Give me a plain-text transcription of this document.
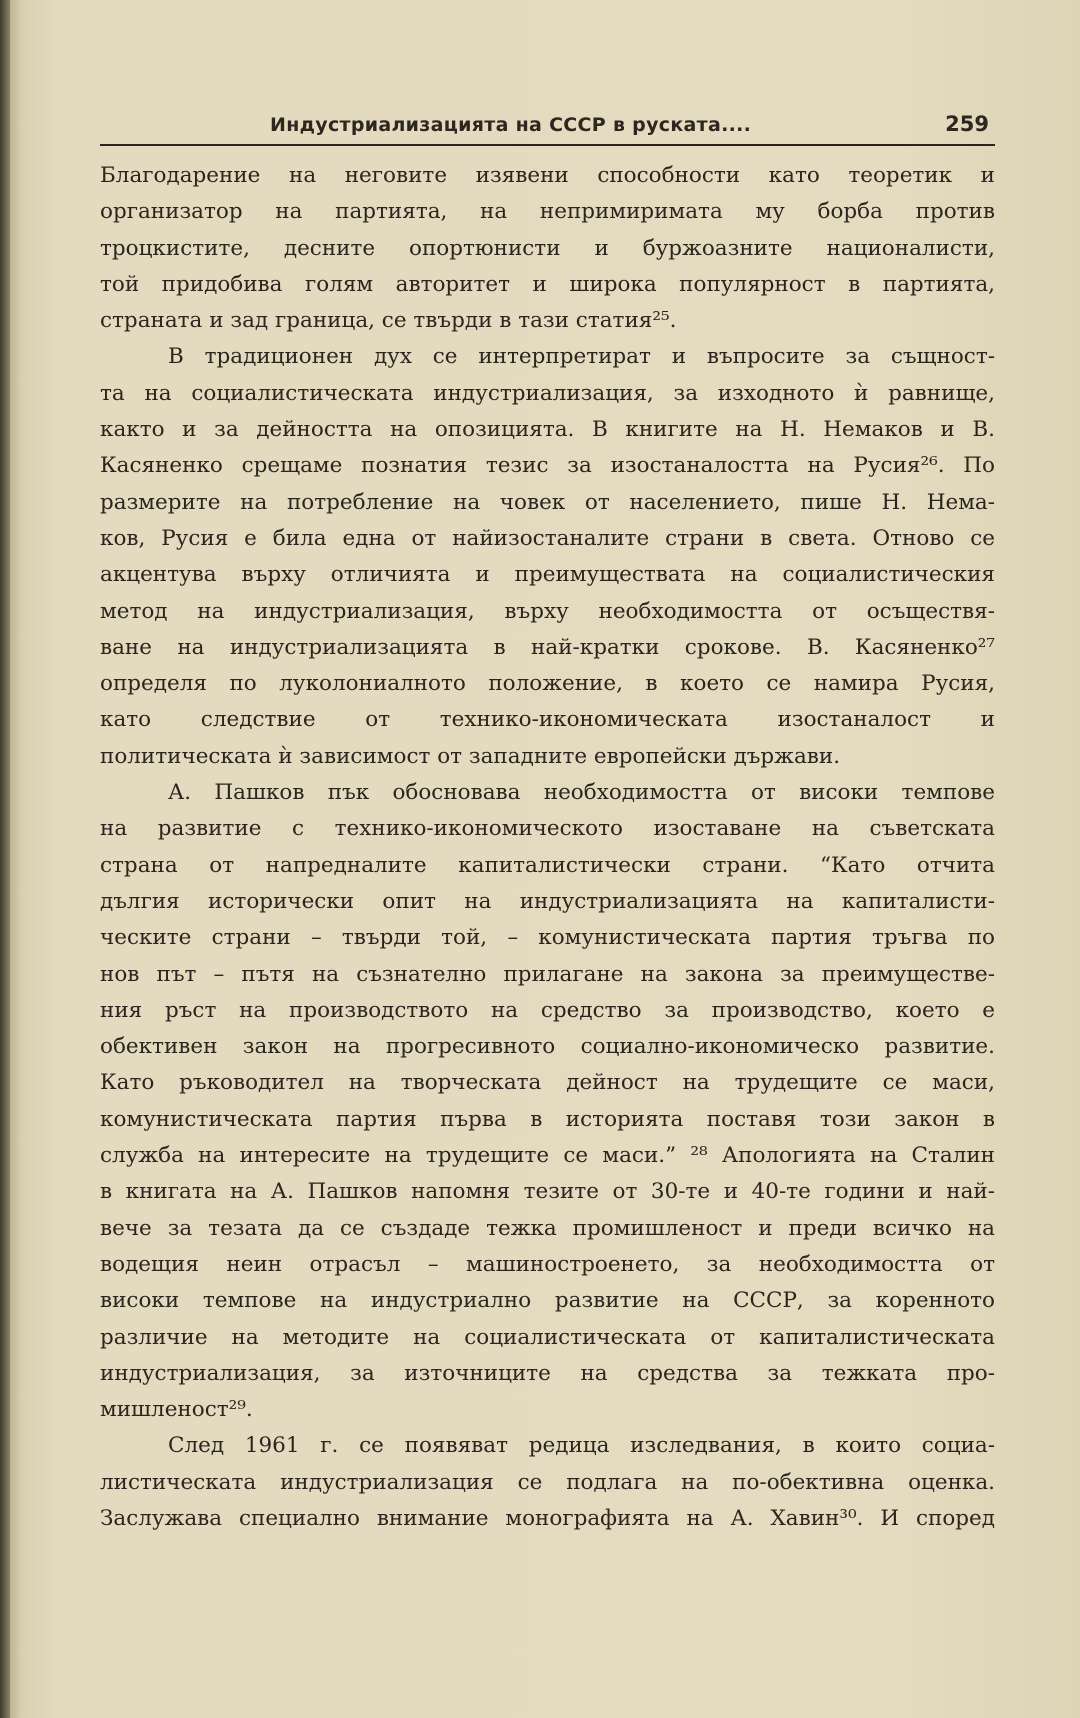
Индустриализацията на СССР в руската....	259
Благодарение на неговите изявени способности като теоретик и
организатор на партията, на непримиримата му борба против
троцкистите, десните опортюнисти и буржоазните националисти,
той придобива голям авторитет и широка популярност в партията,
страната и зад граница, се твърди в тази статия²⁵.
В традиционен дух се интерпретират и въпросите за същност-
та на социалистическата индустриализация, за изходното ѝ равнище,
както и за дейността на опозицията. В книгите на Н. Немаков и В.
Касяненко срещаме познатия тезис за изостаналостта на Русия²⁶. По
размерите на потребление на човек от населението, пише Н. Нема-
ков, Русия е била една от найизостаналите страни в света. Отново се
акцентува върху отличията и преимуществата на социалистическия
метод на индустриализация, върху необходимостта от осъществя-
ване на индустриализацията в най-кратки срокове. В. Касяненко²⁷
определя по луколониалното положение, в което се намира Русия,
като следствие от технико-икономическата изостаналост и
политическата ѝ зависимост от западните европейски държави.
А. Пашков пък обосновава необходимостта от високи темпове
на развитие с технико-икономическото изоставане на съветската
страна от напредналите капиталистически страни. “Като отчита
дългия исторически опит на индустриализацията на капиталисти-
ческите страни – твърди той, – комунистическата партия тръгва по
нов път – пътя на съзнателно прилагане на закона за преимуществе-
ния ръст на производството на средство за производство, което е
обективен закон на прогресивното социално-икономическо развитие.
Като ръководител на творческата дейност на трудещите се маси,
комунистическата партия първа в историята поставя този закон в
служба на интересите на трудещите се маси.” ²⁸ Апологията на Сталин
в книгата на А. Пашков напомня тезите от 30-те и 40-те години и най-
вече за тезата да се създаде тежка промишленост и преди всичко на
водещия неин отрасъл – машиностроенето, за необходимостта от
високи темпове на индустриално развитие на СССР, за коренното
различие на методите на социалистическата от капиталистическата
индустриализация, за източниците на средства за тежката про-
мишленост²⁹.
След 1961 г. се появяват редица изследвания, в които социа-
листическата индустриализация се подлага на по-обективна оценка.
Заслужава специално внимание монографията на А. Хавин³⁰. И според
